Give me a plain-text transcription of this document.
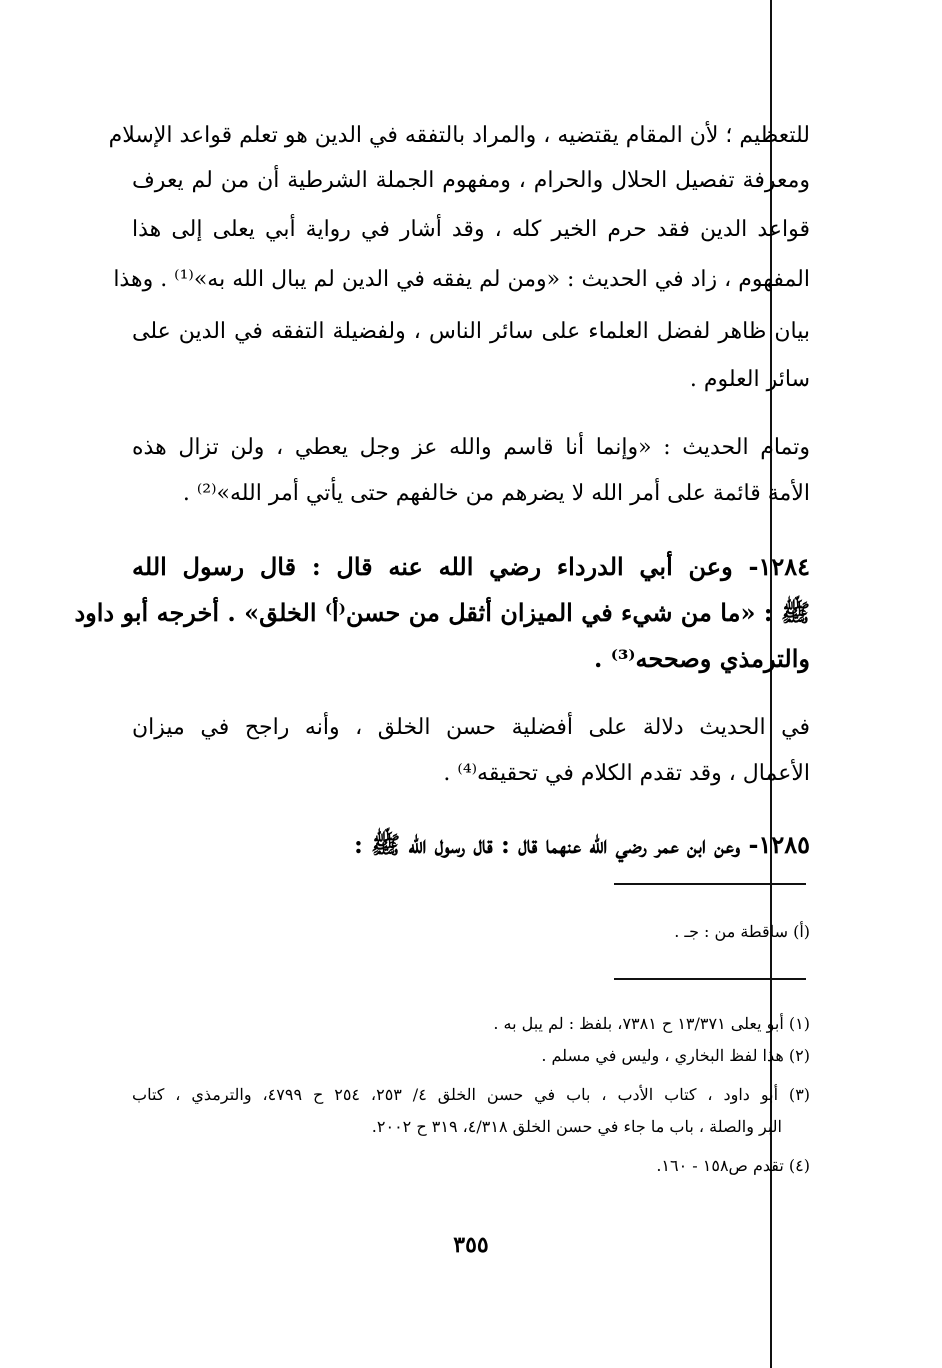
للتعظيم ؛ لأن المقام يقتضيه ، والمراد بالتفقه في الدين هو تعلم قواعد الإسلام
ومعرفة تفصيل الحلال والحرام ، ومفهوم الجملة الشرطية أن من لم يعرف
قواعد الدين فقد حرم الخير كله ، وقد أشار في رواية أبي يعلى إلى هذا
المفهوم ، زاد في الحديث : «ومن لم يفقه في الدين لم يبال الله به»⁽¹⁾ . وهذا
بيان ظاهر لفضل العلماء على سائر الناس ، ولفضيلة التفقه في الدين على
سائر العلوم .
وتمام الحديث : «وإنما أنا قاسم والله عز وجل يعطي ، ولن تزال هذه
الأمة قائمة على أمر الله لا يضرهم من خالفهم حتى يأتي أمر الله»⁽²⁾ .
١٢٨٤- وعن أبي الدرداء رضي الله عنه قال : قال رسول الله
ﷺ : «ما من شيء في الميزان أثقل من حسن⁽أ⁾ الخلق» . أخرجه أبو داود
والترمذي وصححه⁽³⁾ .
في الحديث دلالة على أفضلية حسن الخلق ، وأنه راجح في ميزان
الأعمال ، وقد تقدم الكلام في تحقيقه⁽⁴⁾ .
١٢٨٥- وعن ابن عمر رضي الله عنهما قال : قال رسول الله ﷺ :
(أ) ساقطة من : جـ .
(١) أبو يعلى ١٣/٣٧١ ح ٧٣٨١، بلفظ : لم يبل به .
(٢) هذا لفظ البخاري ، وليس في مسلم .
(٣) أبو داود ، كتاب الأدب ، باب في حسن الخلق ٤/ ٢٥٣، ٢٥٤ ح ٤٧٩٩، والترمذي ، كتاب
البر والصلة ، باب ما جاء في حسن الخلق ٤/٣١٨، ٣١٩ ح ٢٠٠٢.
(٤) تقدم ص١٥٨ - ١٦٠.
٣٥٥
